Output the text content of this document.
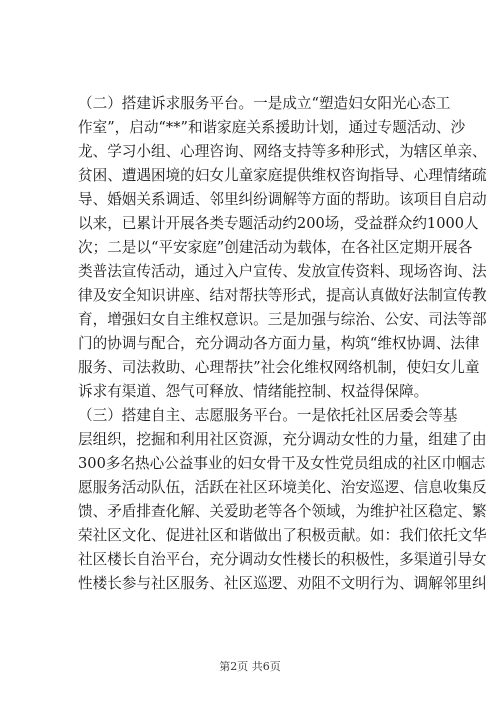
（二）搭建诉求服务平台。一是成立“塑造妇女阳光心态工
作室”，启动“**”和谐家庭关系援助计划，通过专题活动、沙
龙、学习小组、心理咨询、网络支持等多种形式，为辖区单亲、
贫困、遭遇困境的妇女儿童家庭提供维权咨询指导、心理情绪疏
导、婚姻关系调适、邻里纠纷调解等方面的帮助。该项目自启动
以来，已累计开展各类专题活动约200场，受益群众约1000人
次；二是以“平安家庭”创建活动为载体，在各社区定期开展各
类普法宣传活动，通过入户宣传、发放宣传资料、现场咨询、法
律及安全知识讲座、结对帮扶等形式，提高认真做好法制宣传教
育，增强妇女自主维权意识。三是加强与综治、公安、司法等部
门的协调与配合，充分调动各方面力量，构筑“维权协调、法律
服务、司法救助、心理帮扶”社会化维权网络机制，使妇女儿童
诉求有渠道、怨气可释放、情绪能控制、权益得保障。
（三）搭建自主、志愿服务平台。一是依托社区居委会等基
层组织，挖掘和利用社区资源，充分调动女性的力量，组建了由
300多名热心公益事业的妇女骨干及女性党员组成的社区巾帼志
愿服务活动队伍，活跃在社区环境美化、治安巡逻、信息收集反
馈、矛盾排查化解、关爱助老等各个领域，为维护社区稳定、繁
荣社区文化、促进社区和谐做出了积极贡献。如：我们依托文华
社区楼长自治平台，充分调动女性楼长的积极性，多渠道引导女
性楼长参与社区服务、社区巡逻、劝阻不文明行为、调解邻里纠
第2页 共6页
